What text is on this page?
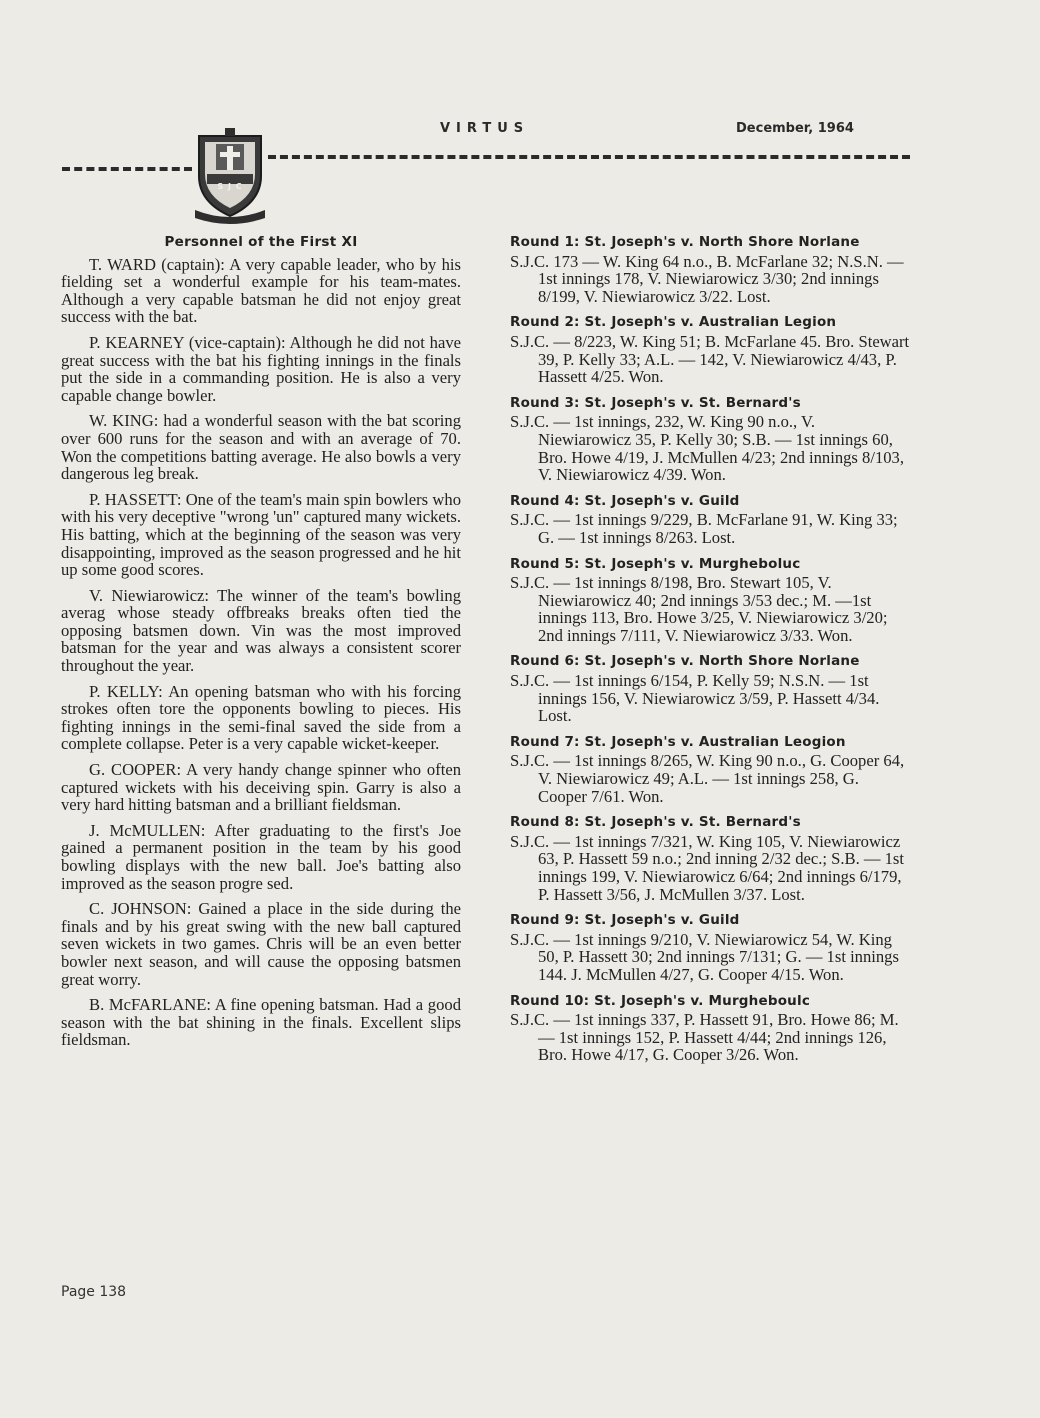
VIRTUS	December, 1964
S J C
Personnel of the First XI

T. WARD (captain): A very capable leader, who by his fielding set a wonderful example for his team-mates. Although a very capable batsman he did not enjoy great success with the bat.

P. KEARNEY (vice-captain): Although he did not have great success with the bat his fighting innings in the finals put the side in a commanding position. He is also a very capable change bowler.

W. KING: had a wonderful season with the bat scoring over 600 runs for the season and with an average of 70. Won the competitions batting average. He also bowls a very dangerous leg break.

P. HASSETT: One of the team's main spin bowlers who with his very deceptive "wrong 'un" captured many wickets. His batting, which at the beginning of the season was very disappointing, improved as the season progressed and he hit up some good scores.

V. Niewiarowicz: The winner of the team's bowling averag whose steady offbreaks breaks often tied the opposing batsmen down. Vin was the most improved batsman for the year and was always a consistent scorer throughout the year.

P. KELLY: An opening batsman who with his forcing strokes often tore the opponents bowling to pieces. His fighting innings in the semi-final saved the side from a complete collapse. Peter is a very capable wicket-keeper.

G. COOPER: A very handy change spinner who often captured wickets with his deceiving spin. Garry is also a very hard hitting batsman and a brilliant fieldsman.

J. McMULLEN: After graduating to the first's Joe gained a permanent position in the team by his good bowling displays with the new ball. Joe's batting also improved as the season progre sed.

C. JOHNSON: Gained a place in the side during the finals and by his great swing with the new ball captured seven wickets in two games. Chris will be an even better bowler next season, and will cause the opposing batsmen great worry.

B. McFARLANE: A fine opening batsman. Had a good season with the bat shining in the finals. Excellent slips fieldsman.

Round 1: St. Joseph's v. North Shore Norlane
S.J.C. 173 — W. King 64 n.o., B. McFarlane 32; N.S.N. — 1st innings 178, V. Niewiarowicz 3/30; 2nd innings 8/199, V. Niewiarowicz 3/22. Lost.
Round 2: St. Joseph's v. Australian Legion
S.J.C. — 8/223, W. King 51; B. McFarlane 45. Bro. Stewart 39, P. Kelly 33; A.L. — 142, V. Niewiarowicz 4/43, P. Hassett 4/25. Won.
Round 3: St. Joseph's v. St. Bernard's
S.J.C. — 1st innings, 232, W. King 90 n.o., V. Niewiarowicz 35, P. Kelly 30; S.B. — 1st innings 60, Bro. Howe 4/19, J. McMullen 4/23; 2nd innings 8/103, V. Niewiarowicz 4/39. Won.
Round 4: St. Joseph's v. Guild
S.J.C. — 1st innings 9/229, B. McFarlane 91, W. King 33; G. — 1st innings 8/263. Lost.
Round 5: St. Joseph's v. Murgheboluc
S.J.C. — 1st innings 8/198, Bro. Stewart 105, V. Niewiarowicz 40; 2nd innings 3/53 dec.; M. —1st innings 113, Bro. Howe 3/25, V. Niewiarowicz 3/20; 2nd innings 7/111, V. Niewiarowicz 3/33. Won.
Round 6: St. Joseph's v. North Shore Norlane
S.J.C. — 1st innings 6/154, P. Kelly 59; N.S.N. — 1st innings 156, V. Niewiarowicz 3/59, P. Hassett 4/34. Lost.
Round 7: St. Joseph's v. Australian Leogion
S.J.C. — 1st innings 8/265, W. King 90 n.o., G. Cooper 64, V. Niewiarowicz 49; A.L. — 1st innings 258, G. Cooper 7/61. Won.
Round 8: St. Joseph's v. St. Bernard's
S.J.C. — 1st innings 7/321, W. King 105, V. Niewiarowicz 63, P. Hassett 59 n.o.; 2nd inning 2/32 dec.; S.B. — 1st innings 199, V. Niewiarowicz 6/64; 2nd innings 6/179, P. Hassett 3/56, J. McMullen 3/37. Lost.
Round 9: St. Joseph's v. Guild
S.J.C. — 1st innings 9/210, V. Niewiarowicz 54, W. King 50, P. Hassett 30; 2nd innings 7/131; G. — 1st innings 144. J. McMullen 4/27, G. Cooper 4/15. Won.
Round 10: St. Joseph's v. Murgheboulc
S.J.C. — 1st innings 337, P. Hassett 91, Bro. Howe 86; M. — 1st innings 152, P. Hassett 4/44; 2nd innings 126, Bro. Howe 4/17, G. Cooper 3/26. Won.
Page 138
